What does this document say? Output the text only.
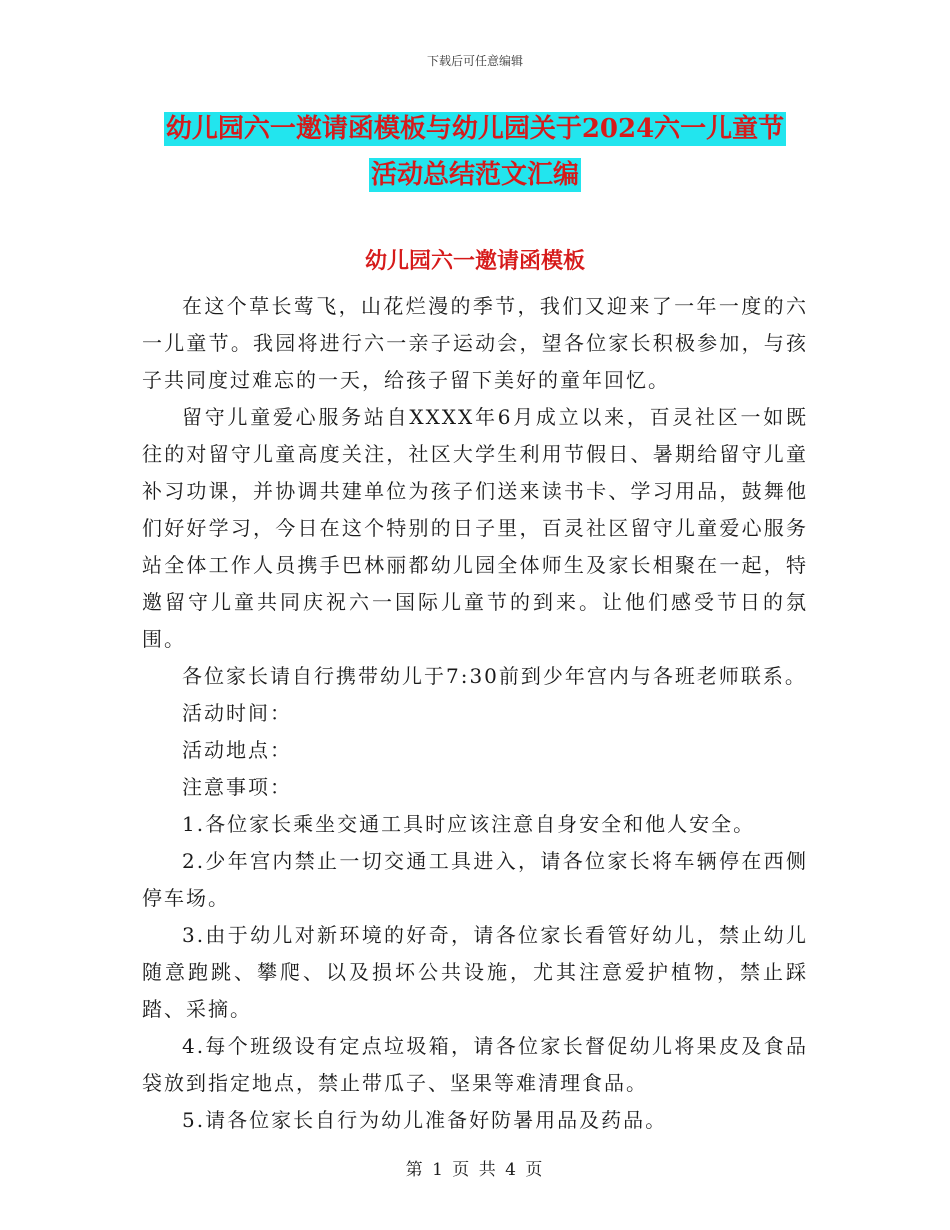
下载后可任意编辑
幼儿园六一邀请函模板与幼儿园关于2024六一儿童节
活动总结范文汇编
幼儿园六一邀请函模板

在这个草长莺飞，山花烂漫的季节，我们又迎来了一年一度的六一儿童节。我园将进行六一亲子运动会，望各位家长积极参加，与孩子共同度过难忘的一天，给孩子留下美好的童年回忆。

留守儿童爱心服务站自XXXX年6月成立以来，百灵社区一如既往的对留守儿童高度关注，社区大学生利用节假日、暑期给留守儿童补习功课，并协调共建单位为孩子们送来读书卡、学习用品，鼓舞他们好好学习，今日在这个特别的日子里，百灵社区留守儿童爱心服务站全体工作人员携手巴林丽都幼儿园全体师生及家长相聚在一起，特邀留守儿童共同庆祝六一国际儿童节的到来。让他们感受节日的氛围。

各位家长请自行携带幼儿于7:30前到少年宫内与各班老师联系。

活动时间：

活动地点：

注意事项：

1.各位家长乘坐交通工具时应该注意自身安全和他人安全。

2.少年宫内禁止一切交通工具进入，请各位家长将车辆停在西侧停车场。

3.由于幼儿对新环境的好奇，请各位家长看管好幼儿，禁止幼儿随意跑跳、攀爬、以及损坏公共设施，尤其注意爱护植物，禁止踩踏、采摘。

4.每个班级设有定点垃圾箱，请各位家长督促幼儿将果皮及食品袋放到指定地点，禁止带瓜子、坚果等难清理食品。

5.请各位家长自行为幼儿准备好防暑用品及药品。

第 1 页 共 4 页
